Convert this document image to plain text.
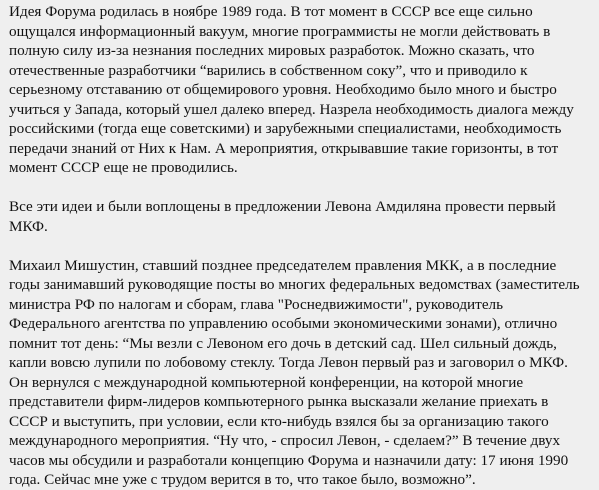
Идея Форума родилась в ноябре 1989 года. В тот момент в СССР все еще сильно ощущался информационный вакуум, многие программисты не могли действовать в полную силу из-за незнания последних мировых разработок. Можно сказать, что отечественные разработчики “варились в собственном соку”, что и приводило к серьезному отставанию от общемирового уровня. Необходимо было много и быстро учиться у Запада, который ушел далеко вперед. Назрела необходимость диалога между российскими (тогда еще советскими) и зарубежными специалистами, необходимость передачи знаний от Них к Нам. А мероприятия, открывавшие такие горизонты, в тот момент СССР еще не проводились.

Все эти идеи и были воплощены в предложении Левона Амдиляна провести первый МКФ.

Михаил Мишустин, ставший позднее председателем правления МКК, а в последние годы занимавший руководящие посты во многих федеральных ведомствах (заместитель министра РФ по налогам и сборам, глава "Роснедвижимости", руководитель Федерального агентства по управлению особыми экономическими зонами), отлично помнит тот день: “Мы везли с Левоном его дочь в детский сад. Шел сильный дождь, капли вовсю лупили по лобовому стеклу. Тогда Левон первый раз и заговорил о МКФ. Он вернулся с международной компьютерной конференции, на которой многие представители фирм-лидеров компьютерного рынка высказали желание приехать в СССР и выступить, при условии, если кто-нибудь взялся бы за организацию такого международного мероприятия. “Ну что, - спросил Левон, - сделаем?” В течение двух часов мы обсудили и разработали концепцию Форума и назначили дату: 17 июня 1990 года. Сейчас мне уже с трудом верится в то, что такое было, возможно”.
